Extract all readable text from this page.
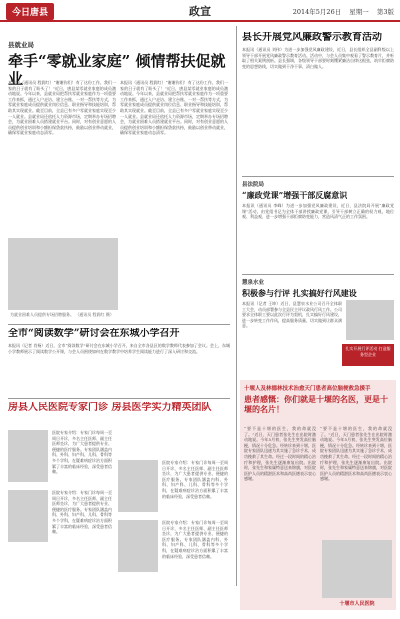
今日唐县	政宣	2014年5月26日 星期一 第3版
县就业局
牵手“零就业家庭” 倾情帮扶促就业
本报讯（通讯员 程润红）“谢谢你们！有了这份工作，我们一家的日子就有了盼头了！”近日，唐县某零就业家庭的成员激动地说。今年以来，县就业局把帮扶零就业家庭作为一项重要工作来抓，通过入户走访、建立台账、一对一帮扶等方式，为零就业家庭成员提供就业岗位信息、职业指导和技能培训，帮助其实现就业。截至目前，全县已有多户零就业家庭实现至少一人就业。县就业局还依托人力资源市场，定期举办专场招聘会，为就业困难人员搭建就业平台。同时，对有创业意愿的人员提供创业培训和小额担保贷款扶持，鼓励以创业带动就业，确保零就业家庭动态清零。
本报讯（通讯员 程润红）“谢谢你们！有了这份工作，我们一家的日子就有了盼头了！”近日，唐县某零就业家庭的成员激动地说。今年以来，县就业局把帮扶零就业家庭作为一项重要工作来抓，通过入户走访、建立台账、一对一帮扶等方式，为零就业家庭成员提供就业岗位信息、职业指导和技能培训，帮助其实现就业。截至目前，全县已有多户零就业家庭实现至少一人就业。县就业局还依托人力资源市场，定期举办专场招聘会，为就业困难人员搭建就业平台。同时，对有创业意愿的人员提供创业培训和小额担保贷款扶持，鼓励以创业带动就业，确保零就业家庭动态清零。
为就业困难人员提供专场招聘服务。 （通讯员 程润红 摄）
全市“阅读数学”研讨会在东城小学召开
本报讯（记者 肖杨）近日，全市“阅读数学”研讨会在东城小学召开，来自全市各县区的数学教师代表参加了会议。会上，东城小学教师展示了阅读数学公开课，与会人员围绕如何在数学教学中培养学生阅读能力进行了深入研讨和交流。
房县人民医院专家门诊 房县医学实力精英团队
医院专家介绍：专家门诊每周一至周日开诊，多名主任医师、副主任医师坐诊，为广大患者提供专业、便捷的医疗服务。专家团队涵盖内科、外科、妇产科、儿科、骨科等多个学科，在疑难病症诊治方面积累了丰富的临床经验，深受患者信赖。
医院专家介绍：专家门诊每周一至周日开诊，多名主任医师、副主任医师坐诊，为广大患者提供专业、便捷的医疗服务。专家团队涵盖内科、外科、妇产科、儿科、骨科等多个学科，在疑难病症诊治方面积累了丰富的临床经验，深受患者信赖。
医院专家介绍：专家门诊每周一至周日开诊，多名主任医师、副主任医师坐诊，为广大患者提供专业、便捷的医疗服务。专家团队涵盖内科、外科、妇产科、儿科、骨科等多个学科，在疑难病症诊治方面积累了丰富的临床经验，深受患者信赖。
医院专家介绍：专家门诊每周一至周日开诊，多名主任医师、副主任医师坐诊，为广大患者提供专业、便捷的医疗服务。专家团队涵盖内科、外科、妇产科、儿科、骨科等多个学科，在疑难病症诊治方面积累了丰富的临床经验，深受患者信赖。
县长开展党风廉政警示教育活动
本报讯（通讯员 刘伟）为进一步加强党风廉政建设，近日，县长组织全县副科级以上领导干部开展党风廉政警示教育活动。活动中，与会人员集中观看了警示教育片，并听取了相关案例剖析。县长强调，各级领导干部要时刻绷紧廉洁自律这根弦，筑牢拒腐防变的思想防线，切实做到干净干事、清白做人。
县法院局
“廉政党课”增强干部反腐意识
本报讯（通讯员 李峰）为进一步加强党风廉政建设，近日，县法院局开展“廉政党课”活动，由党组书记为全体干部讲授廉政党课，引导干部树立正确的权力观、地位观、利益观，进一步增强干部拒腐防变能力，营造风清气正的工作氛围。
慧泉水业
积极参与行评 扎实搞好行风建设
本报讯（记者 王坤）近日，县慧泉水业公司召开全体职工大会，动员部署参与全县民主评议政风行风工作。公司要求全体职工要以此次行评为契机，扎实搞好行风建设，进一步转变工作作风，提高服务质量，切实做到让群众满意。
扎实开展行评活动 打造服务型企业
十堰人及林德林技术治愈天门患者高位脑梗救急援手
患者感慨：你们就是十堰的名医，更是十堰的名片！
“要不是十堰的医生，我的命就没了。”近日，天门患者张先生在出院时激动地说。今年5月初，张先生突发高位脑梗，情况十分危急。经转诊来到十堰，医院专家团队迅速为其实施了急诊手术，成功挽救了其生命。经过一段时间的精心治疗和护理，张先生逐渐康复出院。出院时，张先生和家属特意送来锦旗，对医院医护人员的精湛医术和高尚医德表示衷心感谢。
“要不是十堰的医生，我的命就没了。”近日，天门患者张先生在出院时激动地说。今年5月初，张先生突发高位脑梗，情况十分危急。经转诊来到十堰，医院专家团队迅速为其实施了急诊手术，成功挽救了其生命。经过一段时间的精心治疗和护理，张先生逐渐康复出院。出院时，张先生和家属特意送来锦旗，对医院医护人员的精湛医术和高尚医德表示衷心感谢。
十堰市人民医院
